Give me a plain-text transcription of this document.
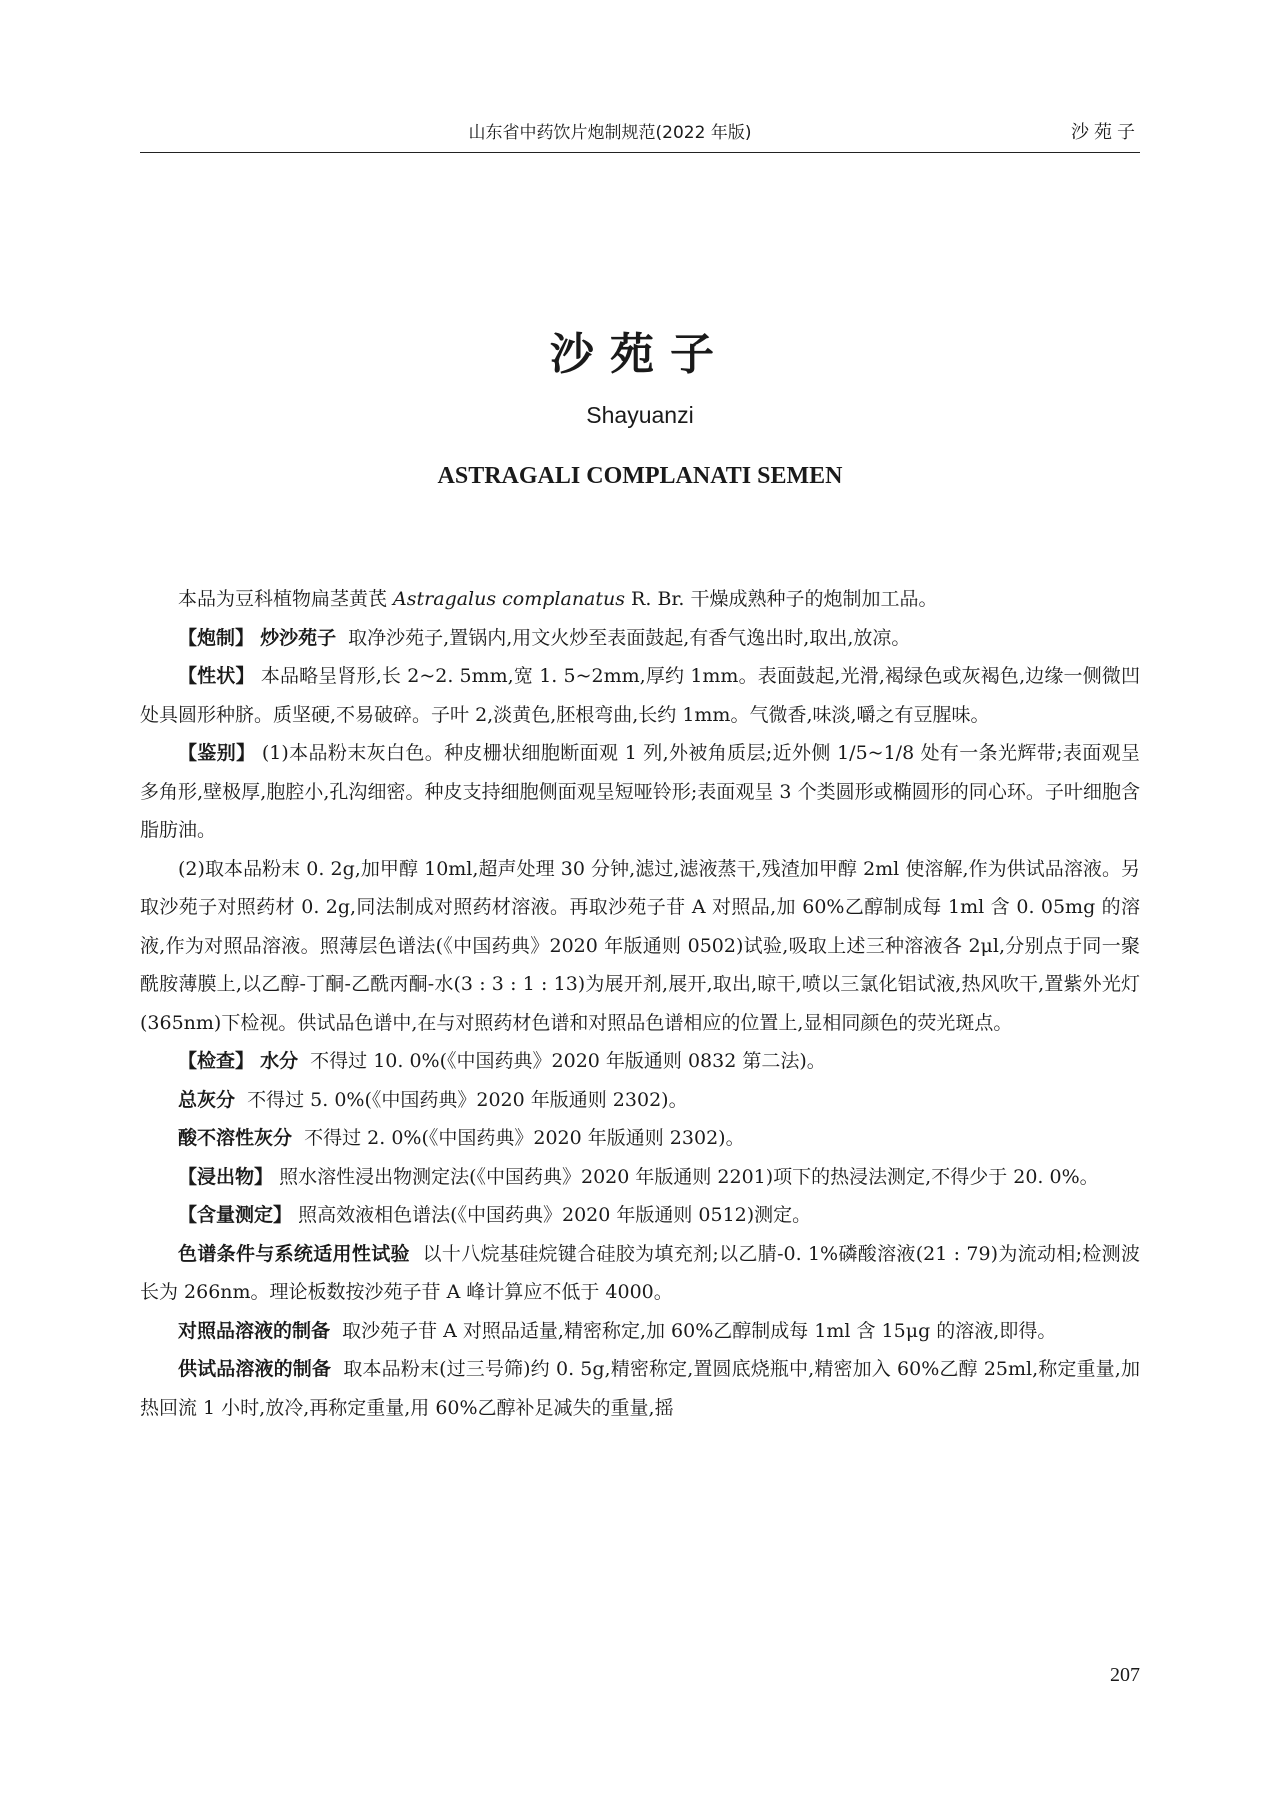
山东省中药饮片炮制规范(2022 年版)	沙苑子
沙苑子
Shayuanzi
ASTRAGALI COMPLANATI SEMEN

本品为豆科植物扁茎黄芪 Astragalus complanatus R. Br. 干燥成熟种子的炮制加工品。

【炮制】 炒沙苑子 取净沙苑子,置锅内,用文火炒至表面鼓起,有香气逸出时,取出,放凉。

【性状】 本品略呈肾形,长 2~2. 5mm,宽 1. 5~2mm,厚约 1mm。表面鼓起,光滑,褐绿色或灰褐色,边缘一侧微凹处具圆形种脐。质坚硬,不易破碎。子叶 2,淡黄色,胚根弯曲,长约 1mm。气微香,味淡,嚼之有豆腥味。

【鉴别】 (1)本品粉末灰白色。种皮栅状细胞断面观 1 列,外被角质层;近外侧 1/5~1/8 处有一条光辉带;表面观呈多角形,壁极厚,胞腔小,孔沟细密。种皮支持细胞侧面观呈短哑铃形;表面观呈 3 个类圆形或椭圆形的同心环。子叶细胞含脂肪油。

(2)取本品粉末 0. 2g,加甲醇 10ml,超声处理 30 分钟,滤过,滤液蒸干,残渣加甲醇 2ml 使溶解,作为供试品溶液。另取沙苑子对照药材 0. 2g,同法制成对照药材溶液。再取沙苑子苷 A 对照品,加 60%乙醇制成每 1ml 含 0. 05mg 的溶液,作为对照品溶液。照薄层色谱法(《中国药典》2020 年版通则 0502)试验,吸取上述三种溶液各 2μl,分别点于同一聚酰胺薄膜上,以乙醇-丁酮-乙酰丙酮-水(3 : 3 : 1 : 13)为展开剂,展开,取出,晾干,喷以三氯化铝试液,热风吹干,置紫外光灯(365nm)下检视。供试品色谱中,在与对照药材色谱和对照品色谱相应的位置上,显相同颜色的荧光斑点。

【检查】 水分 不得过 10. 0%(《中国药典》2020 年版通则 0832 第二法)。

总灰分 不得过 5. 0%(《中国药典》2020 年版通则 2302)。

酸不溶性灰分 不得过 2. 0%(《中国药典》2020 年版通则 2302)。

【浸出物】 照水溶性浸出物测定法(《中国药典》2020 年版通则 2201)项下的热浸法测定,不得少于 20. 0%。

【含量测定】 照高效液相色谱法(《中国药典》2020 年版通则 0512)测定。

色谱条件与系统适用性试验 以十八烷基硅烷键合硅胶为填充剂;以乙腈-0. 1%磷酸溶液(21 : 79)为流动相;检测波长为 266nm。理论板数按沙苑子苷 A 峰计算应不低于 4000。

对照品溶液的制备 取沙苑子苷 A 对照品适量,精密称定,加 60%乙醇制成每 1ml 含 15μg 的溶液,即得。

供试品溶液的制备 取本品粉末(过三号筛)约 0. 5g,精密称定,置圆底烧瓶中,精密加入 60%乙醇 25ml,称定重量,加热回流 1 小时,放冷,再称定重量,用 60%乙醇补足减失的重量,摇

207
